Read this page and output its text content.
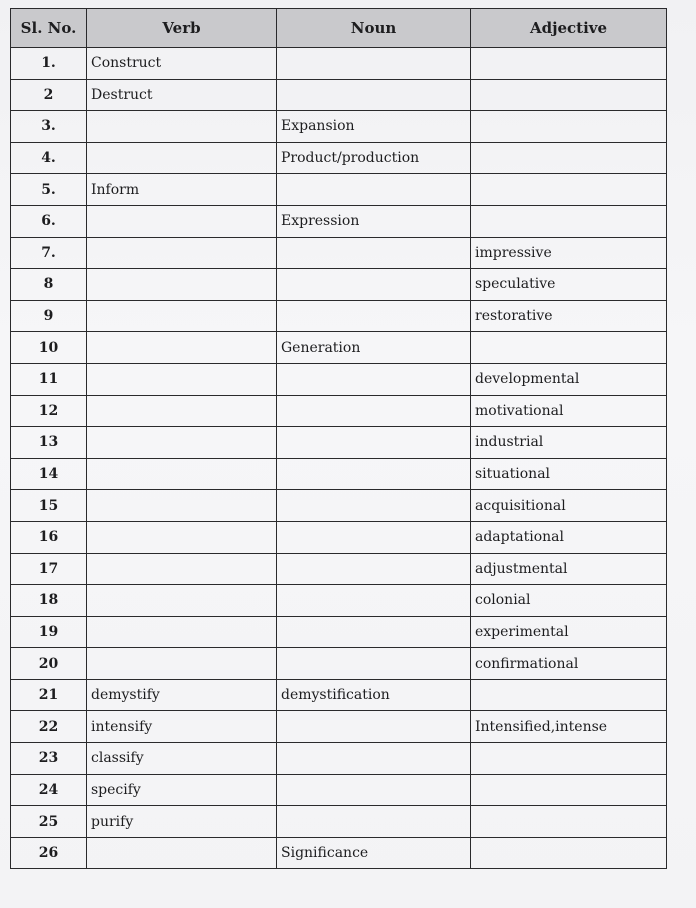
Sl. No.	Verb	Noun	Adjective
1.	Construct		
2	Destruct		
3.		Expansion	
4.		Product/production	
5.	Inform		
6.		Expression	
7.			impressive
8			speculative
9			restorative
10		Generation	
11			developmental
12			motivational
13			industrial
14			situational
15			acquisitional
16			adaptational
17			adjustmental
18			colonial
19			experimental
20			confirmational
21	demystify	demystification	
22	intensify		Intensified,intense
23	classify		
24	specify		
25	purify		
26		Significance	
